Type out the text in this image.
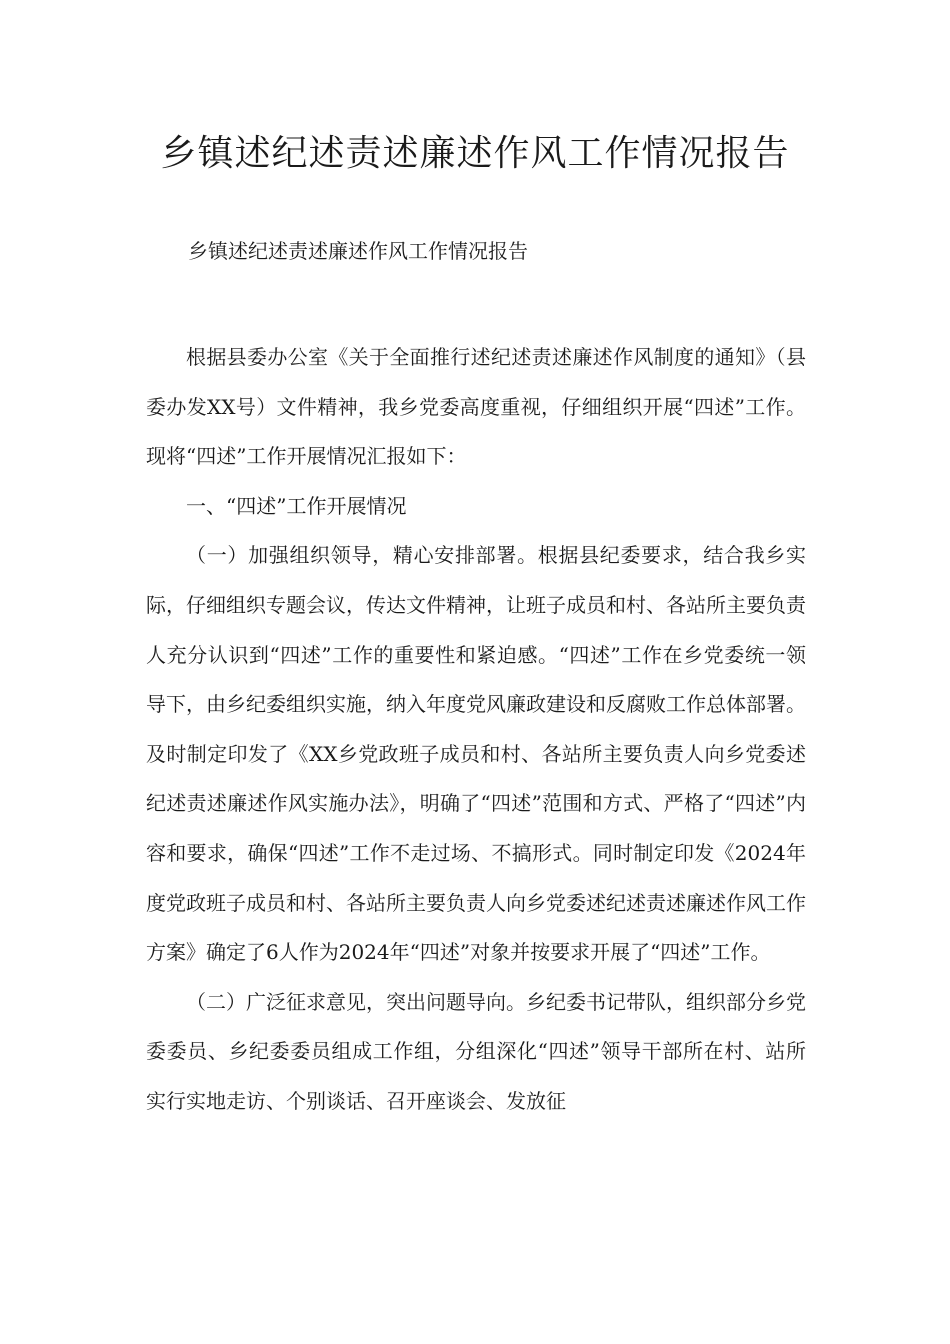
乡镇述纪述责述廉述作风工作情况报告

乡镇述纪述责述廉述作风工作情况报告

根据县委办公室《关于全面推行述纪述责述廉述作风制度的通知》（县委办发XX号）文件精神，我乡党委高度重视，仔细组织开展“四述”工作。现将“四述”工作开展情况汇报如下：

一、“四述”工作开展情况

（一）加强组织领导，精心安排部署。根据县纪委要求，结合我乡实际，仔细组织专题会议，传达文件精神，让班子成员和村、各站所主要负责人充分认识到“四述”工作的重要性和紧迫感。“四述”工作在乡党委统一领导下，由乡纪委组织实施，纳入年度党风廉政建设和反腐败工作总体部署。及时制定印发了《XX乡党政班子成员和村、各站所主要负责人向乡党委述纪述责述廉述作风实施办法》，明确了“四述”范围和方式、严格了“四述”内容和要求，确保“四述”工作不走过场、不搞形式。同时制定印发《2024年度党政班子成员和村、各站所主要负责人向乡党委述纪述责述廉述作风工作方案》确定了6人作为2024年“四述”对象并按要求开展了“四述”工作。

（二）广泛征求意见，突出问题导向。乡纪委书记带队，组织部分乡党委委员、乡纪委委员组成工作组，分组深化“四述”领导干部所在村、站所实行实地走访、个别谈话、召开座谈会、发放征
